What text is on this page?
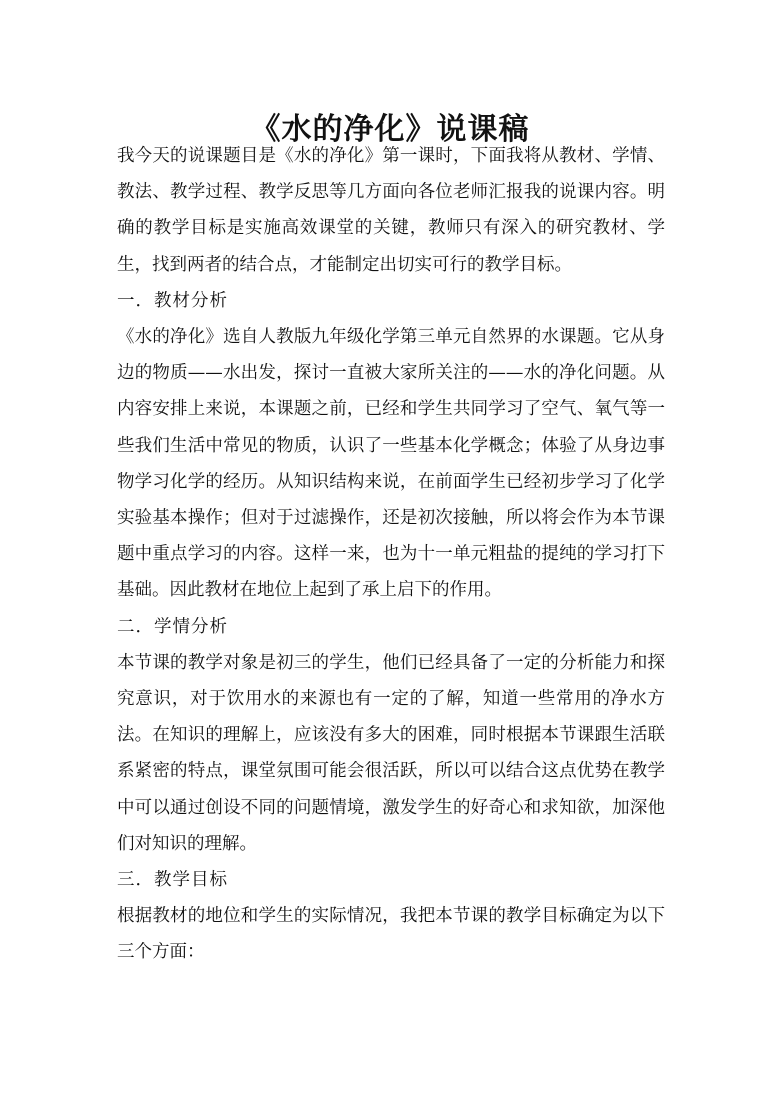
《水的净化》说课稿

我今天的说课题目是《水的净化》第一课时，下面我将从教材、学情、教法、教学过程、教学反思等几方面向各位老师汇报我的说课内容。明确的教学目标是实施高效课堂的关键，教师只有深入的研究教材、学生，找到两者的结合点，才能制定出切实可行的教学目标。

一．教材分析

《水的净化》选自人教版九年级化学第三单元自然界的水课题。它从身边的物质——水出发，探讨一直被大家所关注的——水的净化问题。从内容安排上来说，本课题之前，已经和学生共同学习了空气、氧气等一些我们生活中常见的物质，认识了一些基本化学概念；体验了从身边事物学习化学的经历。从知识结构来说，在前面学生已经初步学习了化学实验基本操作；但对于过滤操作，还是初次接触，所以将会作为本节课题中重点学习的内容。这样一来，也为十一单元粗盐的提纯的学习打下基础。因此教材在地位上起到了承上启下的作用。

二．学情分析

本节课的教学对象是初三的学生，他们已经具备了一定的分析能力和探究意识，对于饮用水的来源也有一定的了解，知道一些常用的净水方法。在知识的理解上，应该没有多大的困难，同时根据本节课跟生活联系紧密的特点，课堂氛围可能会很活跃，所以可以结合这点优势在教学中可以通过创设不同的问题情境，激发学生的好奇心和求知欲，加深他们对知识的理解。

三．教学目标

根据教材的地位和学生的实际情况，我把本节课的教学目标确定为以下三个方面：
